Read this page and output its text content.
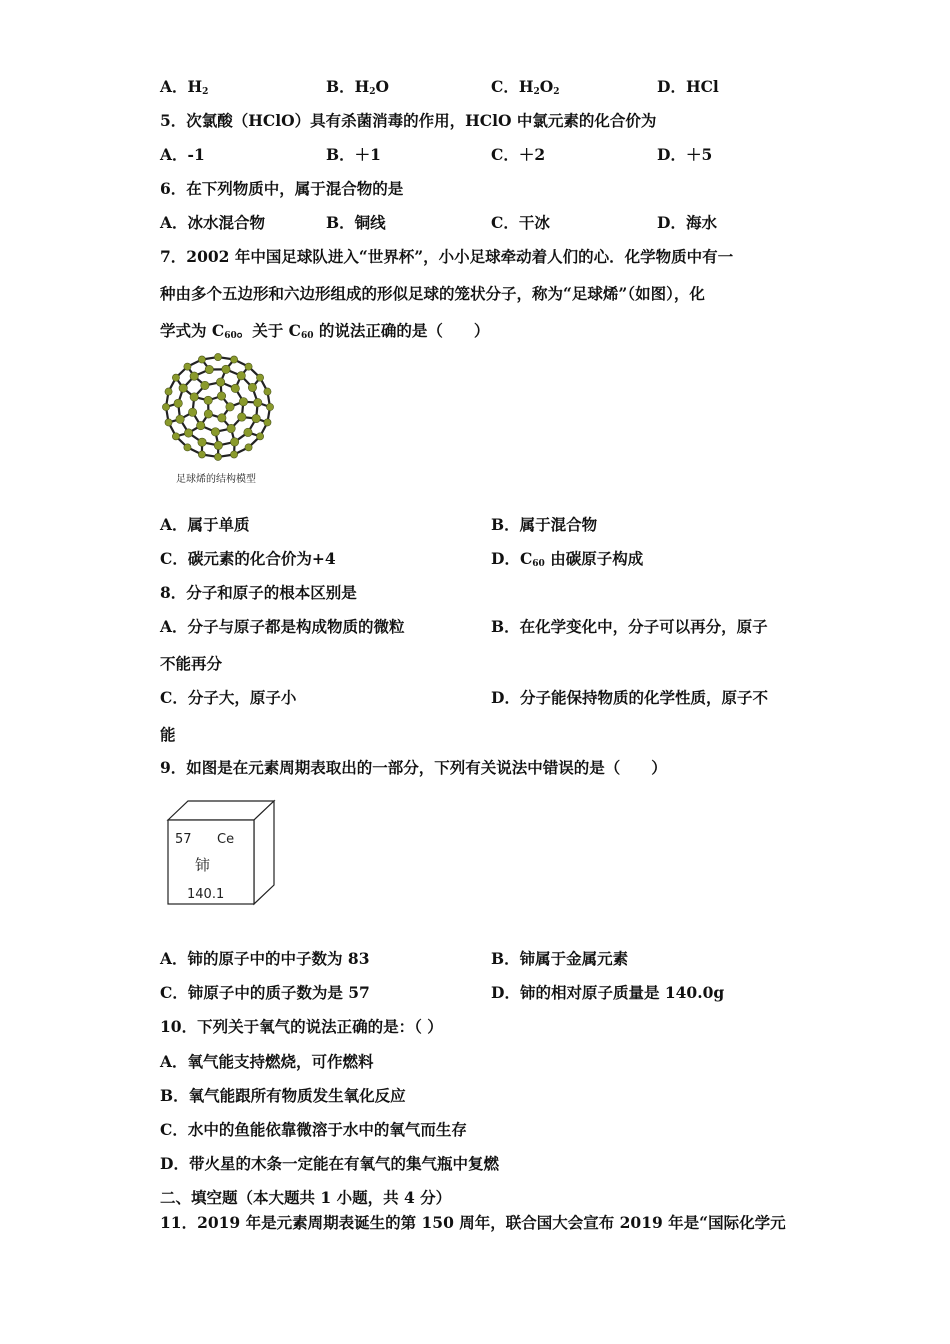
A．$H_2$	B．$H_2O$	C．$H_2O_2$	D．HCl
5．次氯酸（HClO）具有杀菌消毒的作用，HClO 中氯元素的化合价为
A．-1	B．＋1	C．＋2	D．＋5
6．在下列物质中，属于混合物的是
A．冰水混合物	B．铜线	C．干冰	D．海水
7．2002 年中国足球队进入“世界杯”，小小足球牵动着人们的心．化学物质中有一
种由多个五边形和六边形组成的形似足球的笼状分子，称为“足球烯”（如图），化
学式为 $C_{60}$。关于 $C_{60}$ 的说法正确的是（　　）
足球烯的结构模型
A．属于单质	B．属于混合物
C．碳元素的化合价为+4	D．$C_{60}$ 由碳原子构成
8．分子和原子的根本区别是
A．分子与原子都是构成物质的微粒	B．在化学变化中，分子可以再分，原子
不能再分
C．分子大，原子小	D．分子能保持物质的化学性质，原子不
能
9．如图是在元素周期表取出的一部分，下列有关说法中错误的是（　　）
57 Ce
铈
140.1
A．铈的原子中的中子数为 83	B．铈属于金属元素
C．铈原子中的质子数为是 57	D．铈的相对原子质量是 140.0g
10．下列关于氧气的说法正确的是：（ ）
A．氧气能支持燃烧，可作燃料
B．氧气能跟所有物质发生氧化反应
C．水中的鱼能依靠微溶于水中的氧气而生存
D．带火星的木条一定能在有氧气的集气瓶中复燃
二、填空题（本大题共 1 小题，共 4 分）
11．2019 年是元素周期表诞生的第 150 周年，联合国大会宣布 2019 年是“国际化学元
